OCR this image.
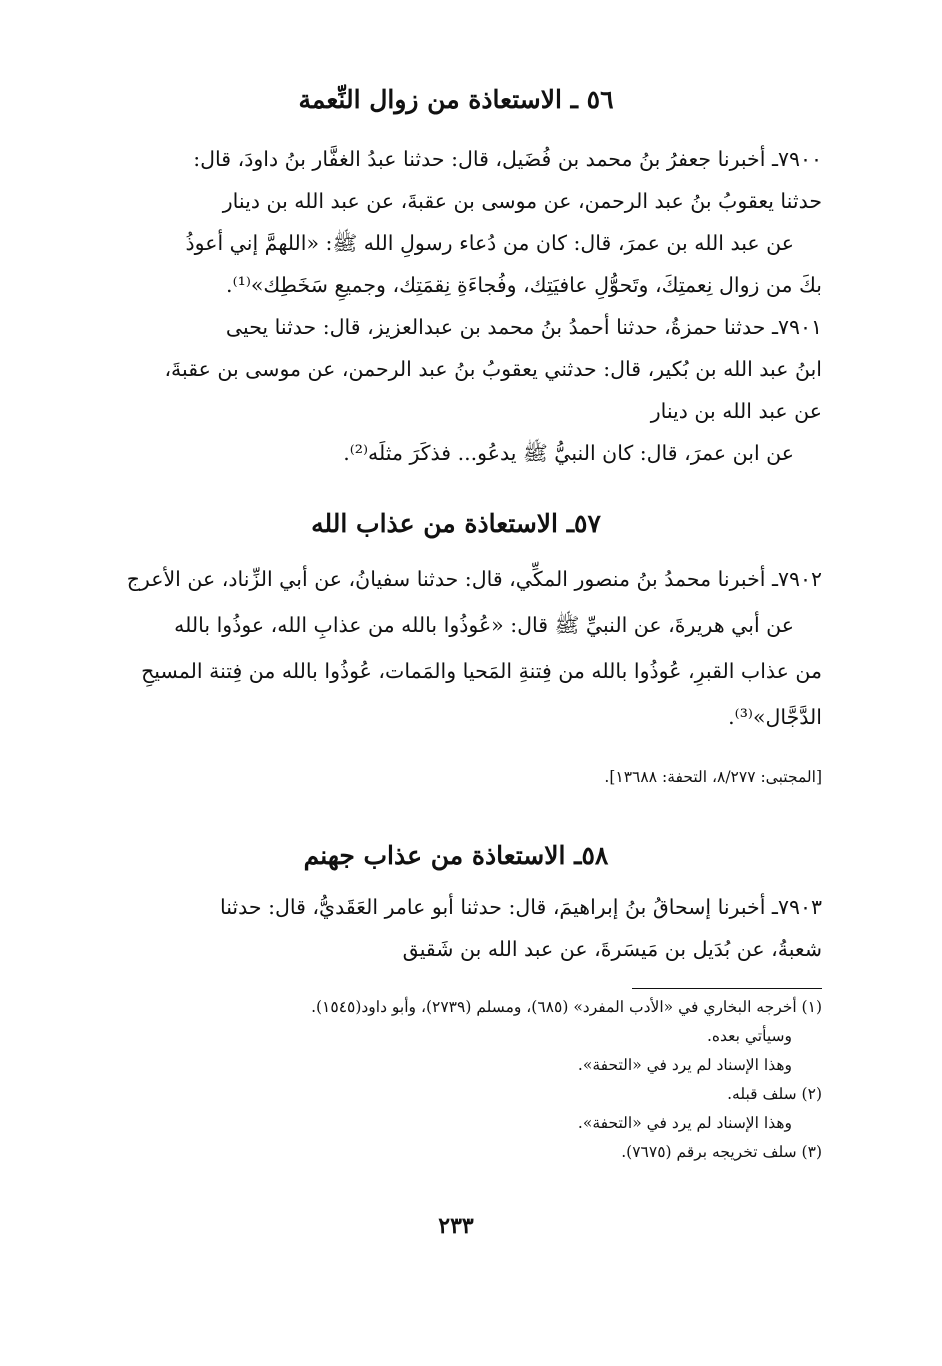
٥٦ ـ الاستعاذة من زوال النِّعمة
٧٩٠٠ـ أخبرنا جعفرُ بنُ محمد بن فُضَيل، قال: حدثنا عبدُ الغفَّار بنُ داودَ، قال:
حدثنا يعقوبُ بنُ عبد الرحمن، عن موسى بن عقبةَ، عن عبد الله بن دينار
عن عبد الله بن عمرَ، قال: كان من دُعاء رسولِ الله ﷺ: «اللهمَّ إني أعوذُ
بكَ من زوال نِعمتِكَ، وتَحوُّلِ عافيَتِك، وفُجاءَةِ نِقمَتِك، وجميعِ سَخَطِك»⁽¹⁾.
٧٩٠١ـ حدثنا حمزةُ، حدثنا أحمدُ بنُ محمد بن عبدالعزيز، قال: حدثنا يحيى
ابنُ عبد الله بن بُكير، قال: حدثني يعقوبُ بنُ عبد الرحمن، عن موسى بن عقبةَ،
عن عبد الله بن دينار
عن ابن عمرَ، قال: كان النبيُّ ﷺ يدعُو... فذكَرَ مثلَه⁽²⁾.
٥٧ـ الاستعاذة من عذاب الله
٧٩٠٢ـ أخبرنا محمدُ بنُ منصور المكِّي، قال: حدثنا سفيانُ، عن أبي الزِّناد، عن الأعرج
عن أبي هريرةَ، عن النبيِّ ﷺ قال: «عُوذُوا بالله من عذابِ الله، عوذُوا بالله
من عذاب القبرِ، عُوذُوا بالله من فِتنةِ المَحيا والمَمات، عُوذُوا بالله من فِتنة المسيحِ
الدَّجَّال»⁽³⁾.
[المجتبى: ٨/٢٧٧، التحفة: ١٣٦٨٨].
٥٨ـ الاستعاذة من عذاب جهنم
٧٩٠٣ـ أخبرنا إسحاقُ بنُ إبراهيمَ، قال: حدثنا أبو عامر العَقَديُّ، قال: حدثنا
شعبةُ، عن بُدَيل بن مَيسَرةَ، عن عبد الله بن شَقيق
(١) أخرجه البخاري في «الأدب المفرد» (٦٨٥)، ومسلم (٢٧٣٩)، وأبو داود(١٥٤٥).
وسيأتي بعده.
وهذا الإسناد لم يرد في «التحفة».
(٢) سلف قبله.
وهذا الإسناد لم يرد في «التحفة».
(٣) سلف تخريجه برقم (٧٦٧٥).
٢٣٣
